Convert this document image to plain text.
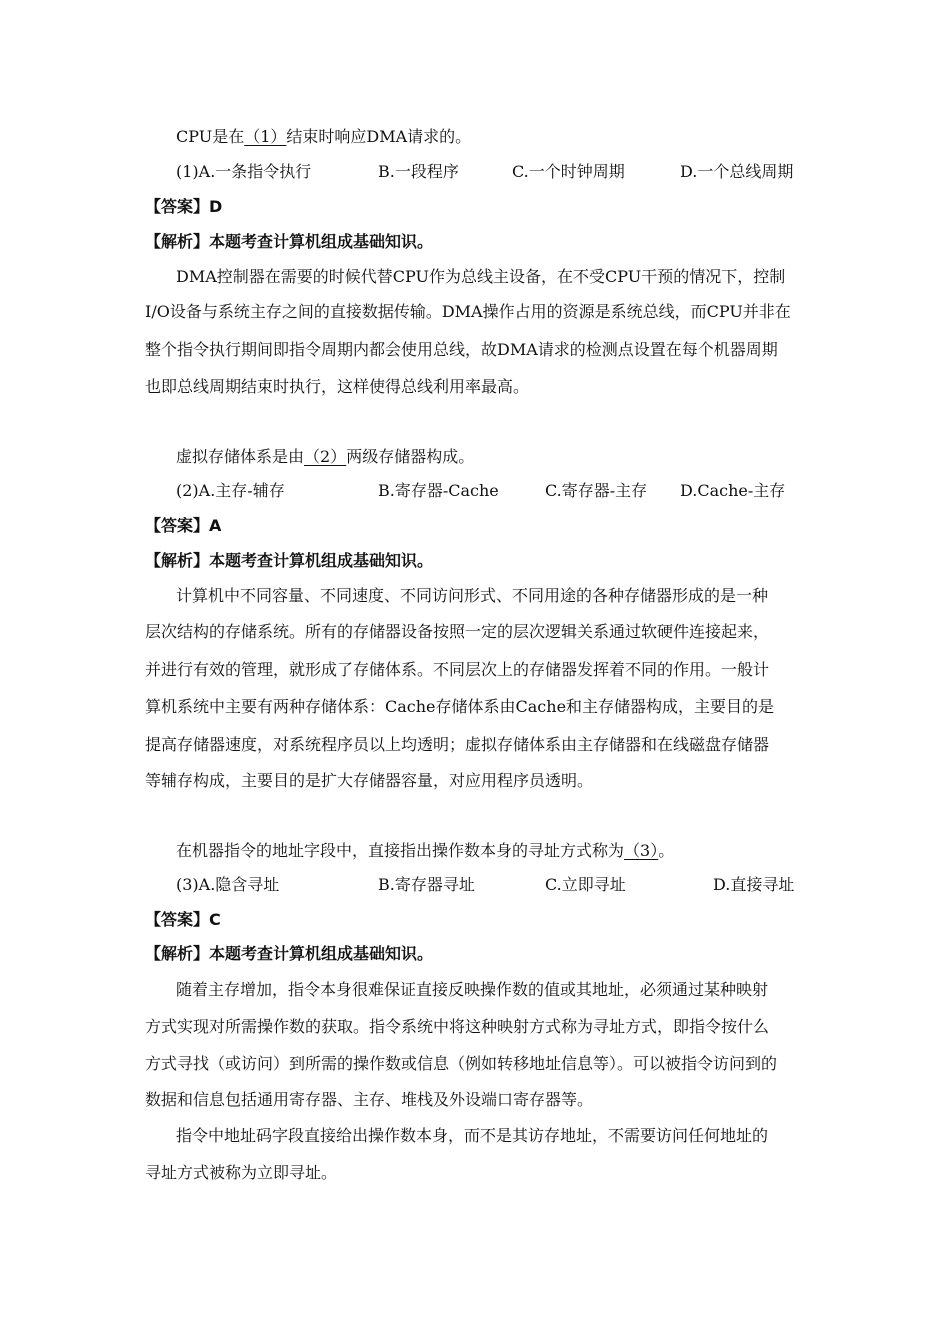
CPU是在（1）结束时响应DMA请求的。
(1)A.一条指令执行	B.一段程序	C.一个时钟周期	D.一个总线周期
【答案】D
【解析】本题考查计算机组成基础知识。
DMA控制器在需要的时候代替CPU作为总线主设备，在不受CPU干预的情况下，控制
I/O设备与系统主存之间的直接数据传输。DMA操作占用的资源是系统总线，而CPU并非在
整个指令执行期间即指令周期内都会使用总线，故DMA请求的检测点设置在每个机器周期
也即总线周期结束时执行，这样使得总线利用率最高。
虚拟存储体系是由（2）两级存储器构成。
(2)A.主存-辅存	B.寄存器-Cache	C.寄存器-主存 D.Cache-主存
【答案】A
【解析】本题考查计算机组成基础知识。
计算机中不同容量、不同速度、不同访问形式、不同用途的各种存储器形成的是一种
层次结构的存储系统。所有的存储器设备按照一定的层次逻辑关系通过软硬件连接起来，
并进行有效的管理，就形成了存储体系。不同层次上的存储器发挥着不同的作用。一般计
算机系统中主要有两种存储体系：Cache存储体系由Cache和主存储器构成，主要目的是
提高存储器速度，对系统程序员以上均透明；虚拟存储体系由主存储器和在线磁盘存储器
等辅存构成，主要目的是扩大存储器容量，对应用程序员透明。
在机器指令的地址字段中，直接指出操作数本身的寻址方式称为（3）。
(3)A.隐含寻址	B.寄存器寻址	C.立即寻址	D.直接寻址
【答案】C
【解析】本题考查计算机组成基础知识。
随着主存增加，指令本身很难保证直接反映操作数的值或其地址，必须通过某种映射
方式实现对所需操作数的获取。指令系统中将这种映射方式称为寻址方式，即指令按什么
方式寻找（或访问）到所需的操作数或信息（例如转移地址信息等）。可以被指令访问到的
数据和信息包括通用寄存器、主存、堆栈及外设端口寄存器等。
指令中地址码字段直接给出操作数本身，而不是其访存地址，不需要访问任何地址的
寻址方式被称为立即寻址。
